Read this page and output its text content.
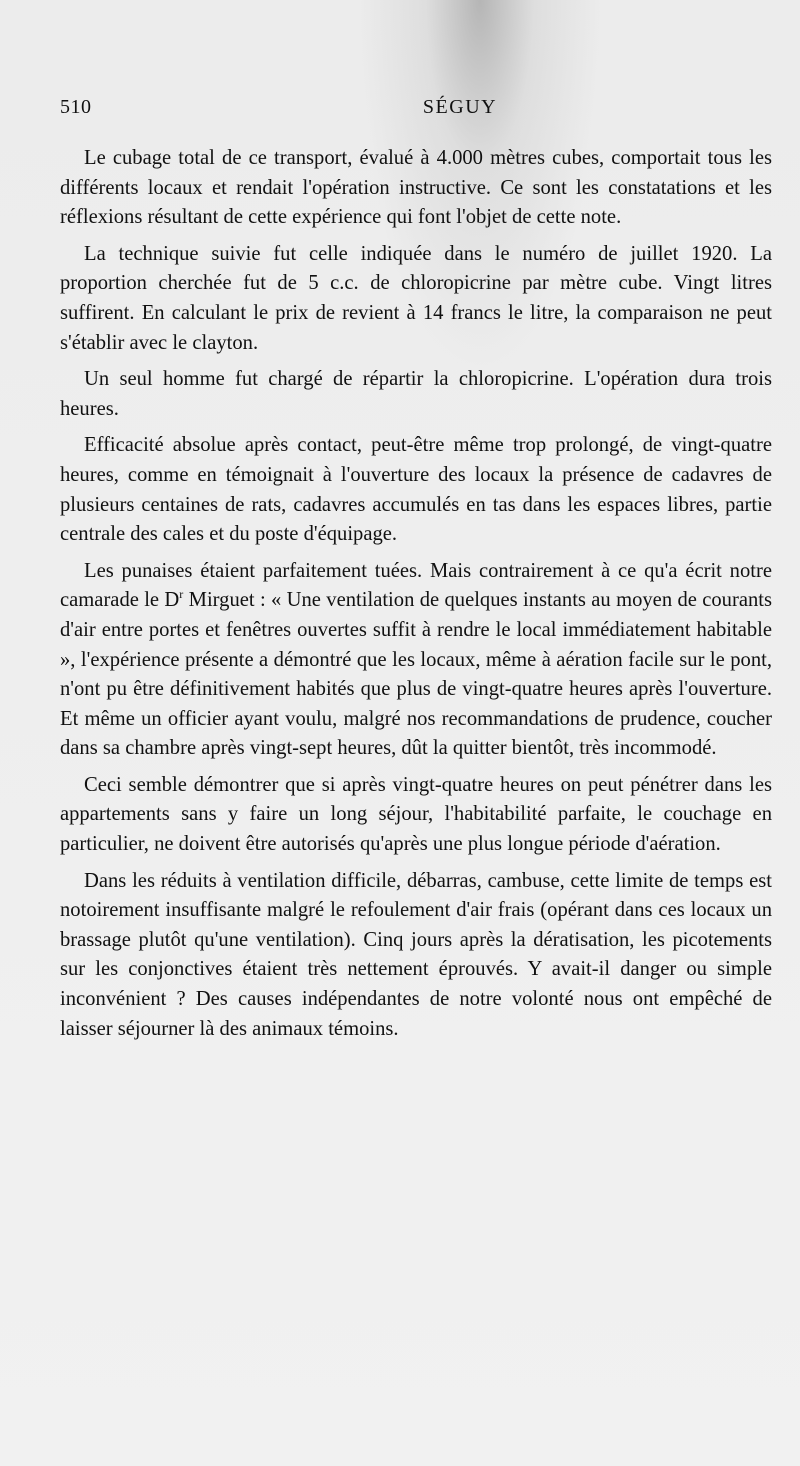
510	SÉGUY

Le cubage total de ce transport, évalué à 4.000 mètres cubes, comportait tous les différents locaux et rendait l'opération instructive. Ce sont les constatations et les réflexions résultant de cette expérience qui font l'objet de cette note.

La technique suivie fut celle indiquée dans le numéro de juillet 1920. La proportion cherchée fut de 5 c.c. de chloropicrine par mètre cube. Vingt litres suffirent. En calculant le prix de revient à 14 francs le litre, la comparaison ne peut s'établir avec le clayton.

Un seul homme fut chargé de répartir la chloropicrine. L'opération dura trois heures.

Efficacité absolue après contact, peut-être même trop prolongé, de vingt-quatre heures, comme en témoignait à l'ouverture des locaux la présence de cadavres de plusieurs centaines de rats, cadavres accumulés en tas dans les espaces libres, partie centrale des cales et du poste d'équipage.

Les punaises étaient parfaitement tuées. Mais contrairement à ce qu'a écrit notre camarade le $D^r$ Mirguet : « Une ventilation de quelques instants au moyen de courants d'air entre portes et fenêtres ouvertes suffit à rendre le local immédiatement habitable », l'expérience présente a démontré que les locaux, même à aération facile sur le pont, n'ont pu être définitivement habités que plus de vingt-quatre heures après l'ouverture. Et même un officier ayant voulu, malgré nos recommandations de prudence, coucher dans sa chambre après vingt-sept heures, dût la quitter bientôt, très incommodé.

Ceci semble démontrer que si après vingt-quatre heures on peut pénétrer dans les appartements sans y faire un long séjour, l'habitabilité parfaite, le couchage en particulier, ne doivent être autorisés qu'après une plus longue période d'aération.

Dans les réduits à ventilation difficile, débarras, cambuse, cette limite de temps est notoirement insuffisante malgré le refoulement d'air frais (opérant dans ces locaux un brassage plutôt qu'une ventilation). Cinq jours après la dératisation, les picotements sur les conjonctives étaient très nettement éprouvés. Y avait-il danger ou simple inconvénient ? Des causes indépendantes de notre volonté nous ont empêché de laisser séjourner là des animaux témoins.
